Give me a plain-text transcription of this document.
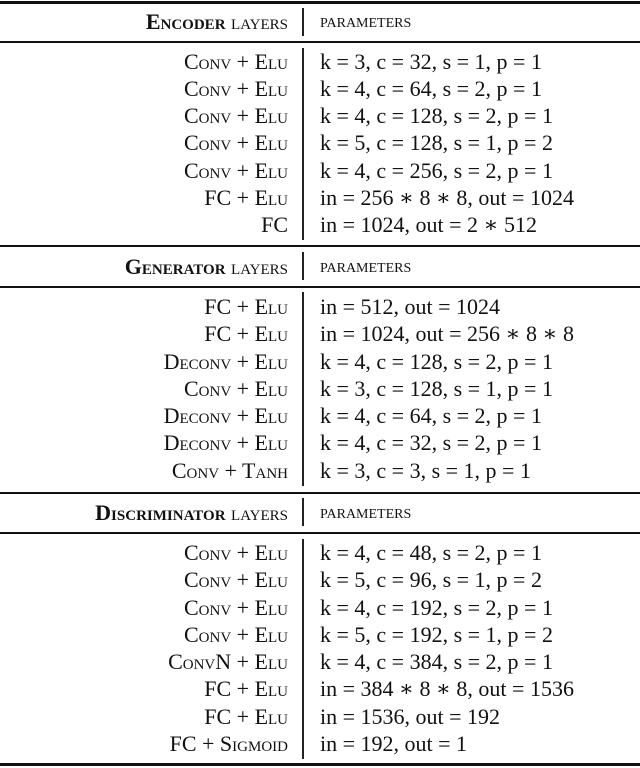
Encoder layers parameters
Conv + Elu k = 3, c = 32, s = 1, p = 1
Conv + Elu k = 4, c = 64, s = 2, p = 1
Conv + Elu k = 4, c = 128, s = 2, p = 1
Conv + Elu k = 5, c = 128, s = 1, p = 2
Conv + Elu k = 4, c = 256, s = 2, p = 1
FC + Elu in = 256 ∗ 8 ∗ 8, out = 1024
FC in = 1024, out = 2 ∗ 512
Generator layers parameters
FC + Elu in = 512, out = 1024
FC + Elu in = 1024, out = 256 ∗ 8 ∗ 8
Deconv + Elu k = 4, c = 128, s = 2, p = 1
Conv + Elu k = 3, c = 128, s = 1, p = 1
Deconv + Elu k = 4, c = 64, s = 2, p = 1
Deconv + Elu k = 4, c = 32, s = 2, p = 1
Conv + Tanh k = 3, c = 3, s = 1, p = 1
Discriminator layers parameters
Conv + Elu k = 4, c = 48, s = 2, p = 1
Conv + Elu k = 5, c = 96, s = 1, p = 2
Conv + Elu k = 4, c = 192, s = 2, p = 1
Conv + Elu k = 5, c = 192, s = 1, p = 2
ConvN + Elu k = 4, c = 384, s = 2, p = 1
FC + Elu in = 384 ∗ 8 ∗ 8, out = 1536
FC + Elu in = 1536, out = 192
FC + Sigmoid in = 192, out = 1
